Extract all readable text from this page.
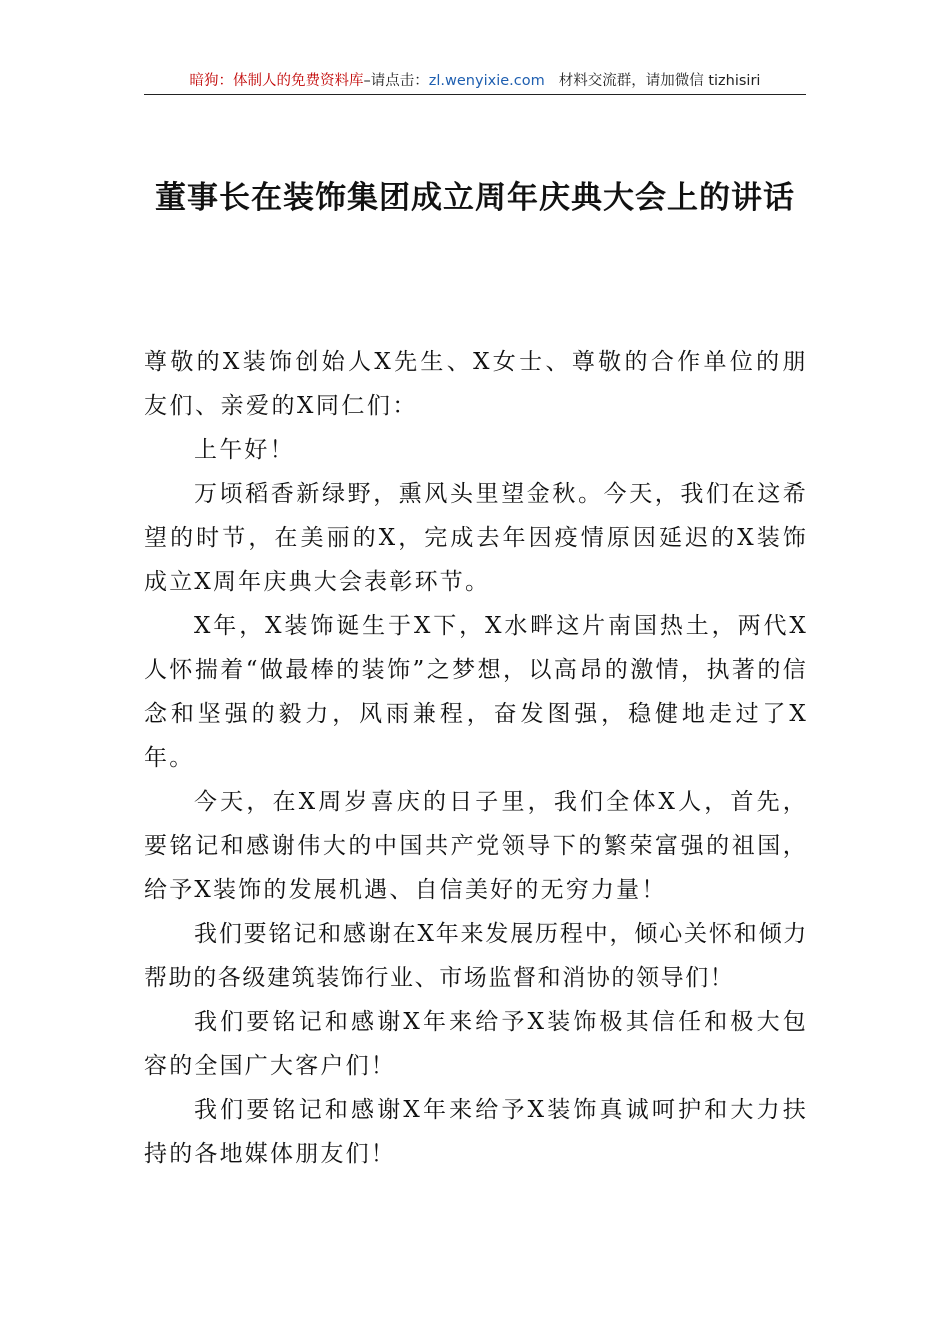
暗狗：体制人的免费资料库–请点击：zl.wenyixie.com 材料交流群，请加微信 tizhisiri
董事长在装饰集团成立周年庆典大会上的讲话

尊敬的X装饰创始人X先生、X女士、尊敬的合作单位的朋友们、亲爱的X同仁们：

上午好！

万顷稻香新绿野，熏风头里望金秋。今天，我们在这希望的时节，在美丽的X，完成去年因疫情原因延迟的X装饰成立X周年庆典大会表彰环节。

X年，X装饰诞生于X下，X水畔这片南国热土，两代X人怀揣着“做最棒的装饰”之梦想，以高昂的激情，执著的信念和坚强的毅力，风雨兼程，奋发图强，稳健地走过了X年。

今天，在X周岁喜庆的日子里，我们全体X人，首先，要铭记和感谢伟大的中国共产党领导下的繁荣富强的祖国，给予X装饰的发展机遇、自信美好的无穷力量！

我们要铭记和感谢在X年来发展历程中，倾心关怀和倾力帮助的各级建筑装饰行业、市场监督和消协的领导们！

我们要铭记和感谢X年来给予X装饰极其信任和极大包容的全国广大客户们！

我们要铭记和感谢X年来给予X装饰真诚呵护和大力扶持的各地媒体朋友们！
